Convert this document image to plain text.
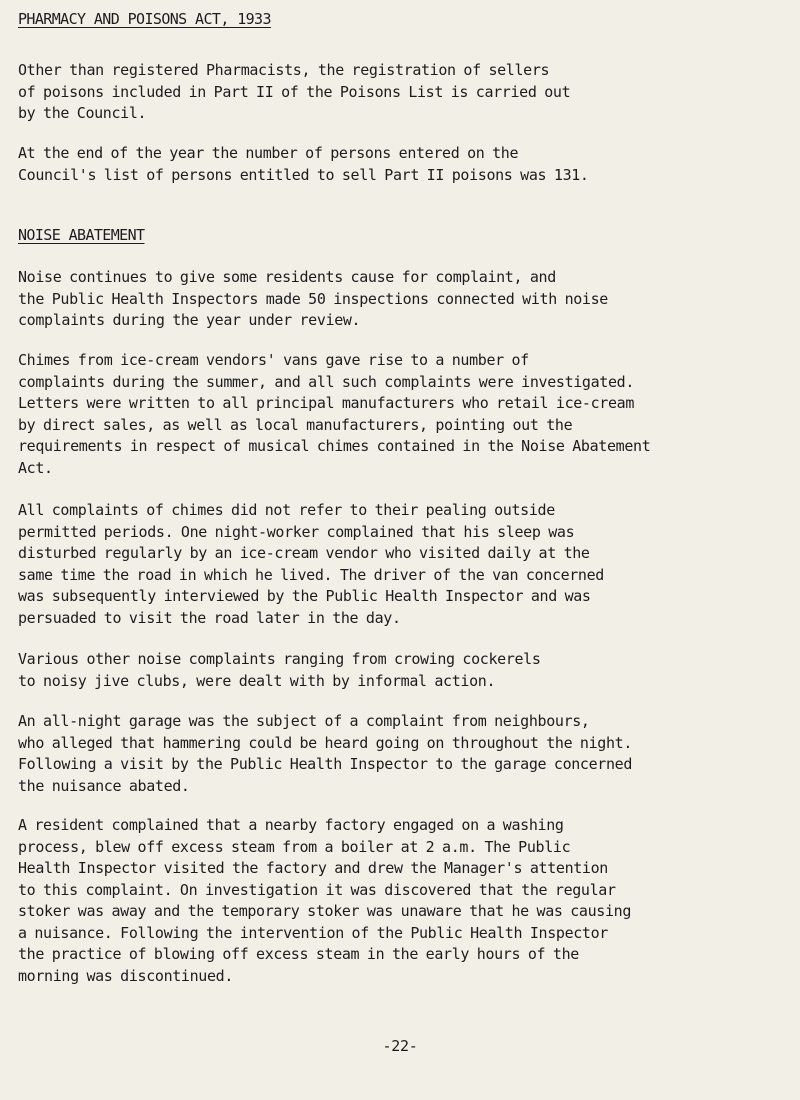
PHARMACY AND POISONS ACT, 1933
Other than registered Pharmacists, the registration of sellers
of poisons included in Part II of the Poisons List is carried out
by the Council.
At the end of the year the number of persons entered on the
Council's list of persons entitled to sell Part II poisons was 131.
NOISE ABATEMENT
Noise continues to give some residents cause for complaint, and
the Public Health Inspectors made 50 inspections connected with noise
complaints during the year under review.
Chimes from ice-cream vendors' vans gave rise to a number of
complaints during the summer, and all such complaints were investigated.
Letters were written to all principal manufacturers who retail ice-cream
by direct sales, as well as local manufacturers, pointing out the
requirements in respect of musical chimes contained in the Noise Abatement
Act.
All complaints of chimes did not refer to their pealing outside
permitted periods. One night-worker complained that his sleep was
disturbed regularly by an ice-cream vendor who visited daily at the
same time the road in which he lived. The driver of the van concerned
was subsequently interviewed by the Public Health Inspector and was
persuaded to visit the road later in the day.
Various other noise complaints ranging from crowing cockerels
to noisy jive clubs, were dealt with by informal action.
An all-night garage was the subject of a complaint from neighbours,
who alleged that hammering could be heard going on throughout the night.
Following a visit by the Public Health Inspector to the garage concerned
the nuisance abated.
A resident complained that a nearby factory engaged on a washing
process, blew off excess steam from a boiler at 2 a.m. The Public
Health Inspector visited the factory and drew the Manager's attention
to this complaint. On investigation it was discovered that the regular
stoker was away and the temporary stoker was unaware that he was causing
a nuisance. Following the intervention of the Public Health Inspector
the practice of blowing off excess steam in the early hours of the
morning was discontinued.
-22-
